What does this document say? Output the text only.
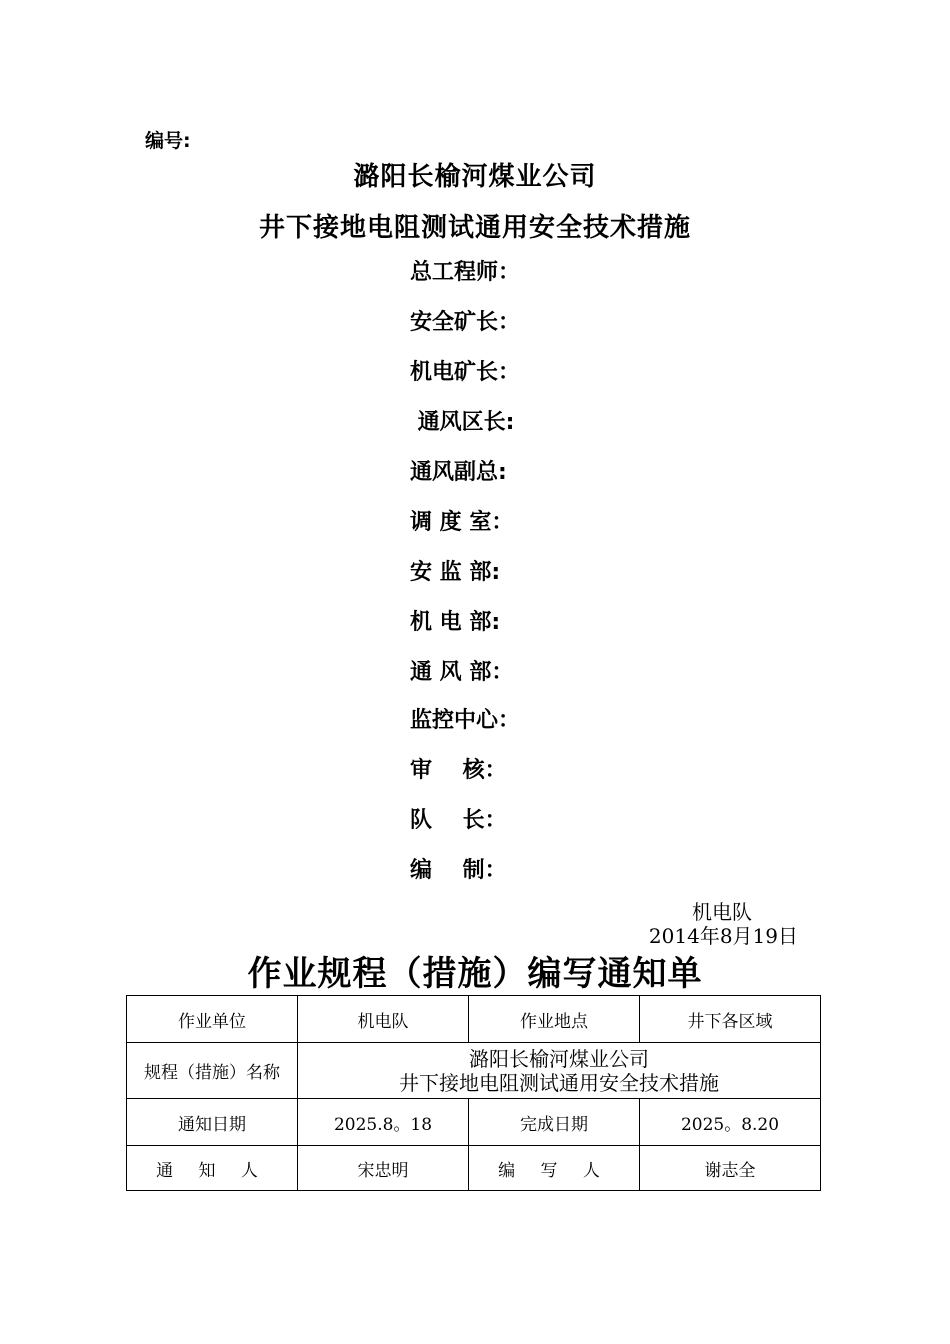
编号:
潞阳长榆河煤业公司
井下接地电阻测试通用安全技术措施
总工程师：
安全矿长：
机电矿长：
通风区长:
通风副总:
调 度 室：
安 监 部:
机 电 部:
通 风 部：
监控中心：
审    核：
队    长：
编    制：
机电队
2014年8月19日
作业规程（措施）编写通知单
作业单位	机电队	作业地点	井下各区域
规程（措施）名称	潞阳长榆河煤业公司
井下接地电阻测试通用安全技术措施		

通知日期	2025.8。18	完成日期	2025。8.20
通 知 人	宋忠明	编 写 人	谢志全
